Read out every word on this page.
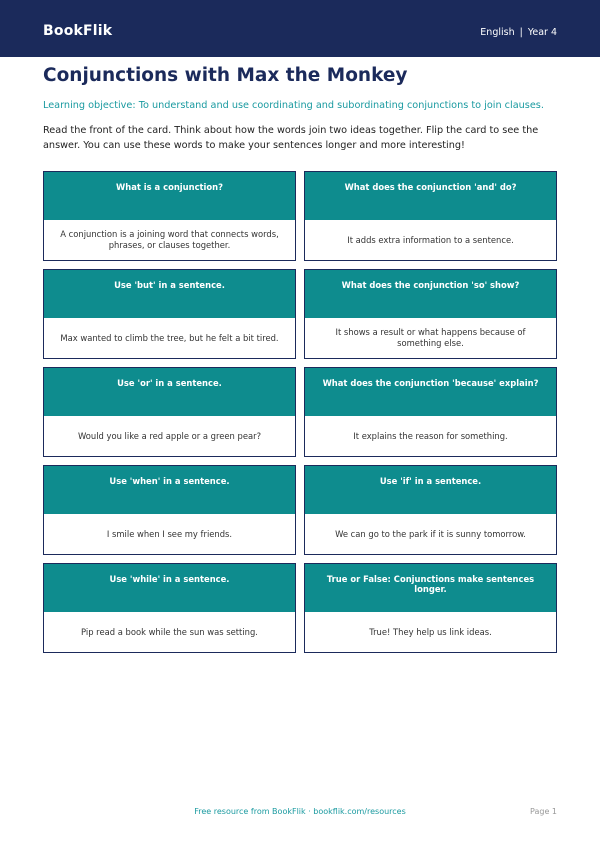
BookFlik	English | Year 4
Conjunctions with Max the Monkey
Learning objective: To understand and use coordinating and subordinating conjunctions to join clauses.
Read the front of the card. Think about how the words join two ideas together. Flip the card to see the answer. You can use these words to make your sentences longer and more interesting!
What is a conjunction?
A conjunction is a joining word that connects words, phrases, or clauses together.
What does the conjunction 'and' do?
It adds extra information to a sentence.
Use 'but' in a sentence.
Max wanted to climb the tree, but he felt a bit tired.
What does the conjunction 'so' show?
It shows a result or what happens because of something else.
Use 'or' in a sentence.
Would you like a red apple or a green pear?
What does the conjunction 'because' explain?
It explains the reason for something.
Use 'when' in a sentence.
I smile when I see my friends.
Use 'if' in a sentence.
We can go to the park if it is sunny tomorrow.
Use 'while' in a sentence.
Pip read a book while the sun was setting.
True or False: Conjunctions make sentences longer.
True! They help us link ideas.
Free resource from BookFlik · bookflik.com/resources	Page 1
